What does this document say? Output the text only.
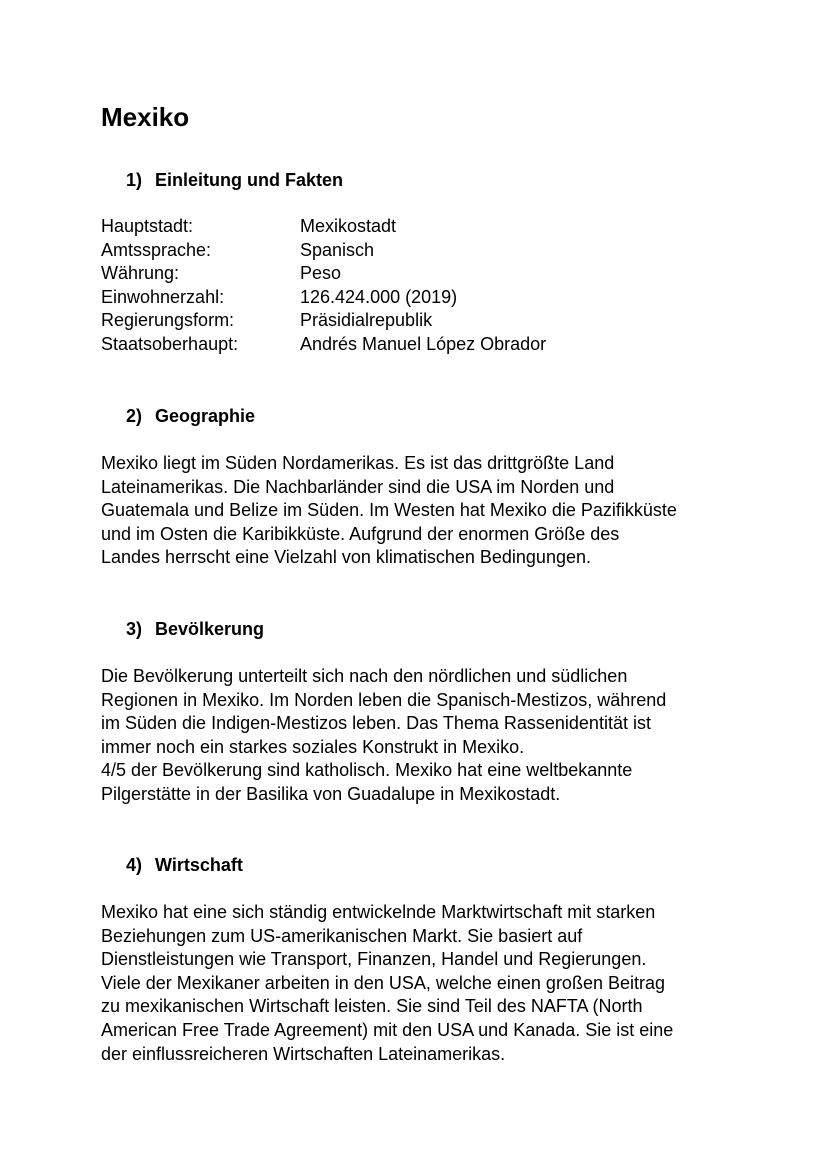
Mexiko
1) Einleitung und Fakten
Hauptstadt:	Mexikostadt
Amtssprache:	Spanisch
Währung:	Peso
Einwohnerzahl:	126.424.000 (2019)
Regierungsform:	Präsidialrepublik
Staatsoberhaupt:	Andrés Manuel López Obrador
2) Geographie

Mexiko liegt im Süden Nordamerikas. Es ist das drittgrößte Land
Lateinamerikas. Die Nachbarländer sind die USA im Norden und
Guatemala und Belize im Süden. Im Westen hat Mexiko die Pazifikküste
und im Osten die Karibikküste. Aufgrund der enormen Größe des
Landes herrscht eine Vielzahl von klimatischen Bedingungen.

3) Bevölkerung

Die Bevölkerung unterteilt sich nach den nördlichen und südlichen
Regionen in Mexiko. Im Norden leben die Spanisch-Mestizos, während
im Süden die Indigen-Mestizos leben. Das Thema Rassenidentität ist
immer noch ein starkes soziales Konstrukt in Mexiko.
4/5 der Bevölkerung sind katholisch. Mexiko hat eine weltbekannte
Pilgerstätte in der Basilika von Guadalupe in Mexikostadt.

4) Wirtschaft

Mexiko hat eine sich ständig entwickelnde Marktwirtschaft mit starken
Beziehungen zum US-amerikanischen Markt. Sie basiert auf
Dienstleistungen wie Transport, Finanzen, Handel und Regierungen.
Viele der Mexikaner arbeiten in den USA, welche einen großen Beitrag
zu mexikanischen Wirtschaft leisten. Sie sind Teil des NAFTA (North
American Free Trade Agreement) mit den USA und Kanada. Sie ist eine
der einflussreicheren Wirtschaften Lateinamerikas.
